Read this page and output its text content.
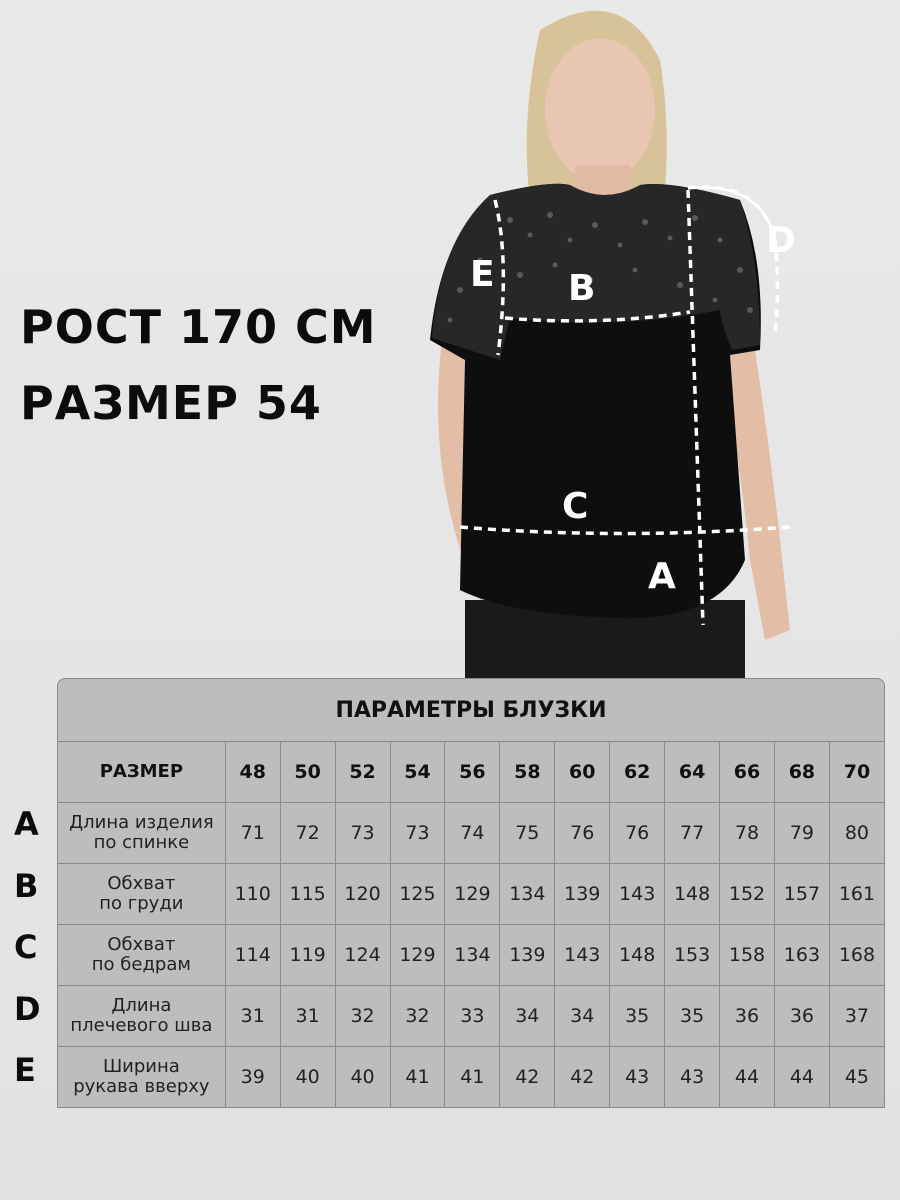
РОСТ 170 СМ
РАЗМЕР 54
A
B
C
D
E
ПАРАМЕТРЫ БЛУЗКИ
РАЗМЕР	48	50	52	54	56	58	60	62	64	66	68	70

Длина изделия
по спинке	71	72	73	73	74	75	76	76	77	78	79	80

Обхват
по груди	110	115	120	125	129	134	139	143	148	152	157	161

Обхват
по бедрам	114	119	124	129	134	139	143	148	153	158	163	168

Длина
плечевого шва	31	31	32	32	33	34	34	35	35	36	36	37

Ширина
рукава вверху	39	40	40	41	41	42	42	43	43	44	44	45
A
B
C
D
E
